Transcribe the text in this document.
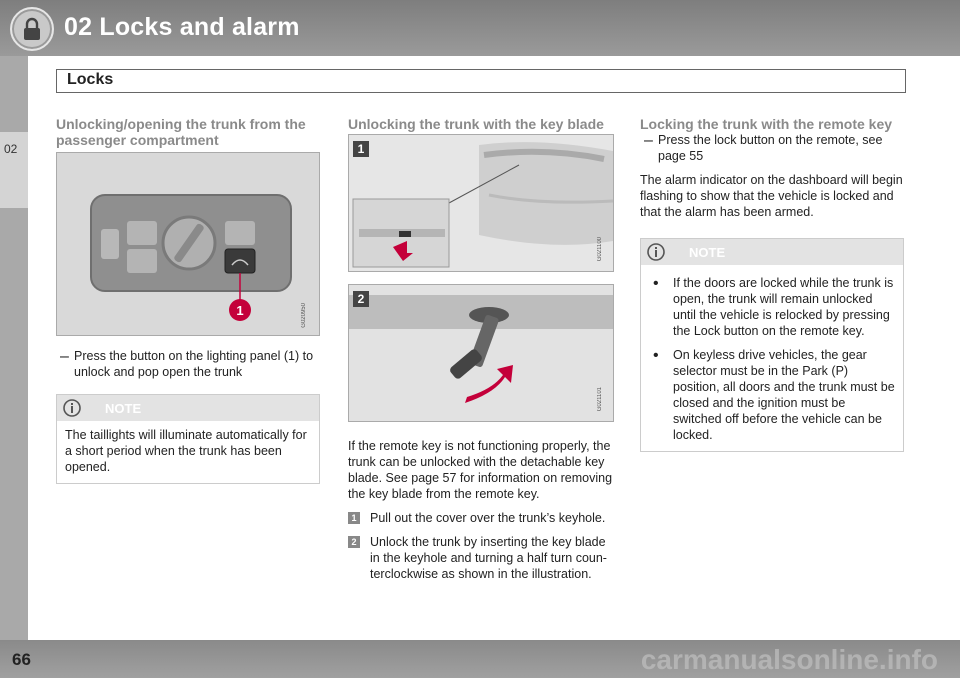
02 Locks and alarm
Locks
02
Unlocking/opening the trunk from the passenger compartment
1	G020950
– Press the button on the lighting panel (1) to unlock and pop open the trunk

NOTE

The taillights will illuminate automatically for a short period when the trunk has been opened.

Unlocking the trunk with the key blade
1
G021100
2
G021101

If the remote key is not functioning properly, the trunk can be unlocked with the detachable key blade. See page 57 for information on removing the key blade from the remote key.

1 Pull out the cover over the trunk’s keyhole.

2 Unlock the trunk by inserting the key blade in the keyhole and turning a half turn coun-terclockwise as shown in the illustration.

Locking the trunk with the remote key
– Press the lock button on the remote, see page 55

The alarm indicator on the dashboard will begin flashing to show that the vehicle is locked and that the alarm has been armed.

NOTE
•	If the doors are locked while the trunk is open, the trunk will remain unlocked until the vehicle is relocked by pressing the Lock button on the remote key.

•	On keyless drive vehicles, the gear selector must be in the Park (P) position, all doors and the trunk must be closed and the ignition must be switched off before the vehicle can be locked.

66	carmanualsonline.info
